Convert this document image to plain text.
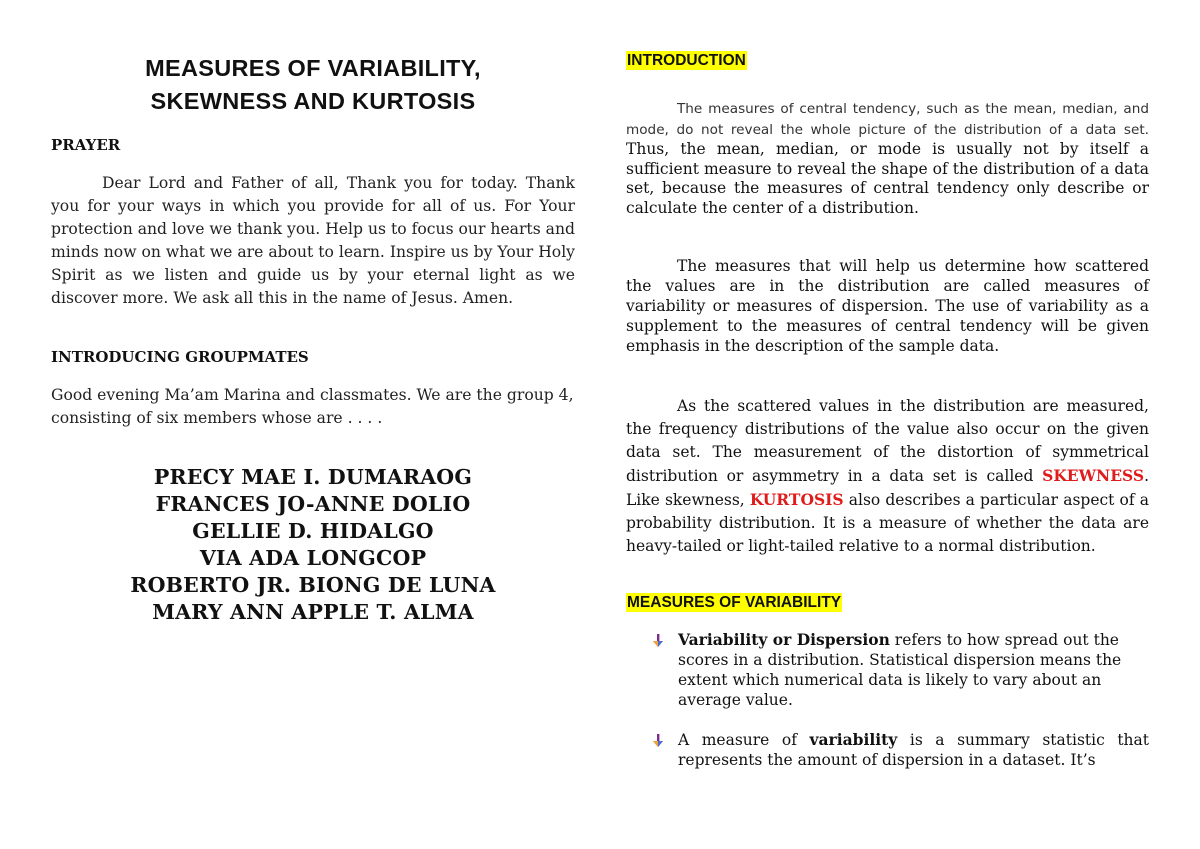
MEASURES OF VARIABILITY,
SKEWNESS AND KURTOSIS
PRAYER

Dear Lord and Father of all, Thank you for today. Thank you for your ways in which you provide for all of us. For Your protection and love we thank you. Help us to focus our hearts and minds now on what we are about to learn. Inspire us by Your Holy Spirit as we listen and guide us by your eternal light as we discover more. We ask all this in the name of Jesus. Amen.

INTRODUCING GROUPMATES

Good evening Ma’am Marina and classmates. We are the group 4, consisting of six members whose are . . . .

PRECY MAE I. DUMARAOG
FRANCES JO-ANNE DOLIO
GELLIE D. HIDALGO
VIA ADA LONGCOP
ROBERTO JR. BIONG DE LUNA
MARY ANN APPLE T. ALMA
INTRODUCTION

The measures of central tendency, such as the mean, median, and mode, do not reveal the whole picture of the distribution of a data set. Thus, the mean, median, or mode is usually not by itself a sufficient measure to reveal the shape of the distribution of a data set, because the measures of central tendency only describe or calculate the center of a distribution.

The measures that will help us determine how scattered the values are in the distribution are called measures of variability or measures of dispersion. The use of variability as a supplement to the measures of central tendency will be given emphasis in the description of the sample data.

As the scattered values in the distribution are measured, the frequency distributions of the value also occur on the given data set. The measurement of the distortion of symmetrical distribution or asymmetry in a data set is called SKEWNESS. Like skewness, KURTOSIS also describes a particular aspect of a probability distribution. It is a measure of whether the data are heavy-tailed or light-tailed relative to a normal distribution.

MEASURES OF VARIABILITY
Variability or Dispersion refers to how spread out the scores in a distribution. Statistical dispersion means the extent which numerical data is likely to vary about an average value.
A measure of variability is a summary statistic that represents the amount of dispersion in a dataset. It’s
